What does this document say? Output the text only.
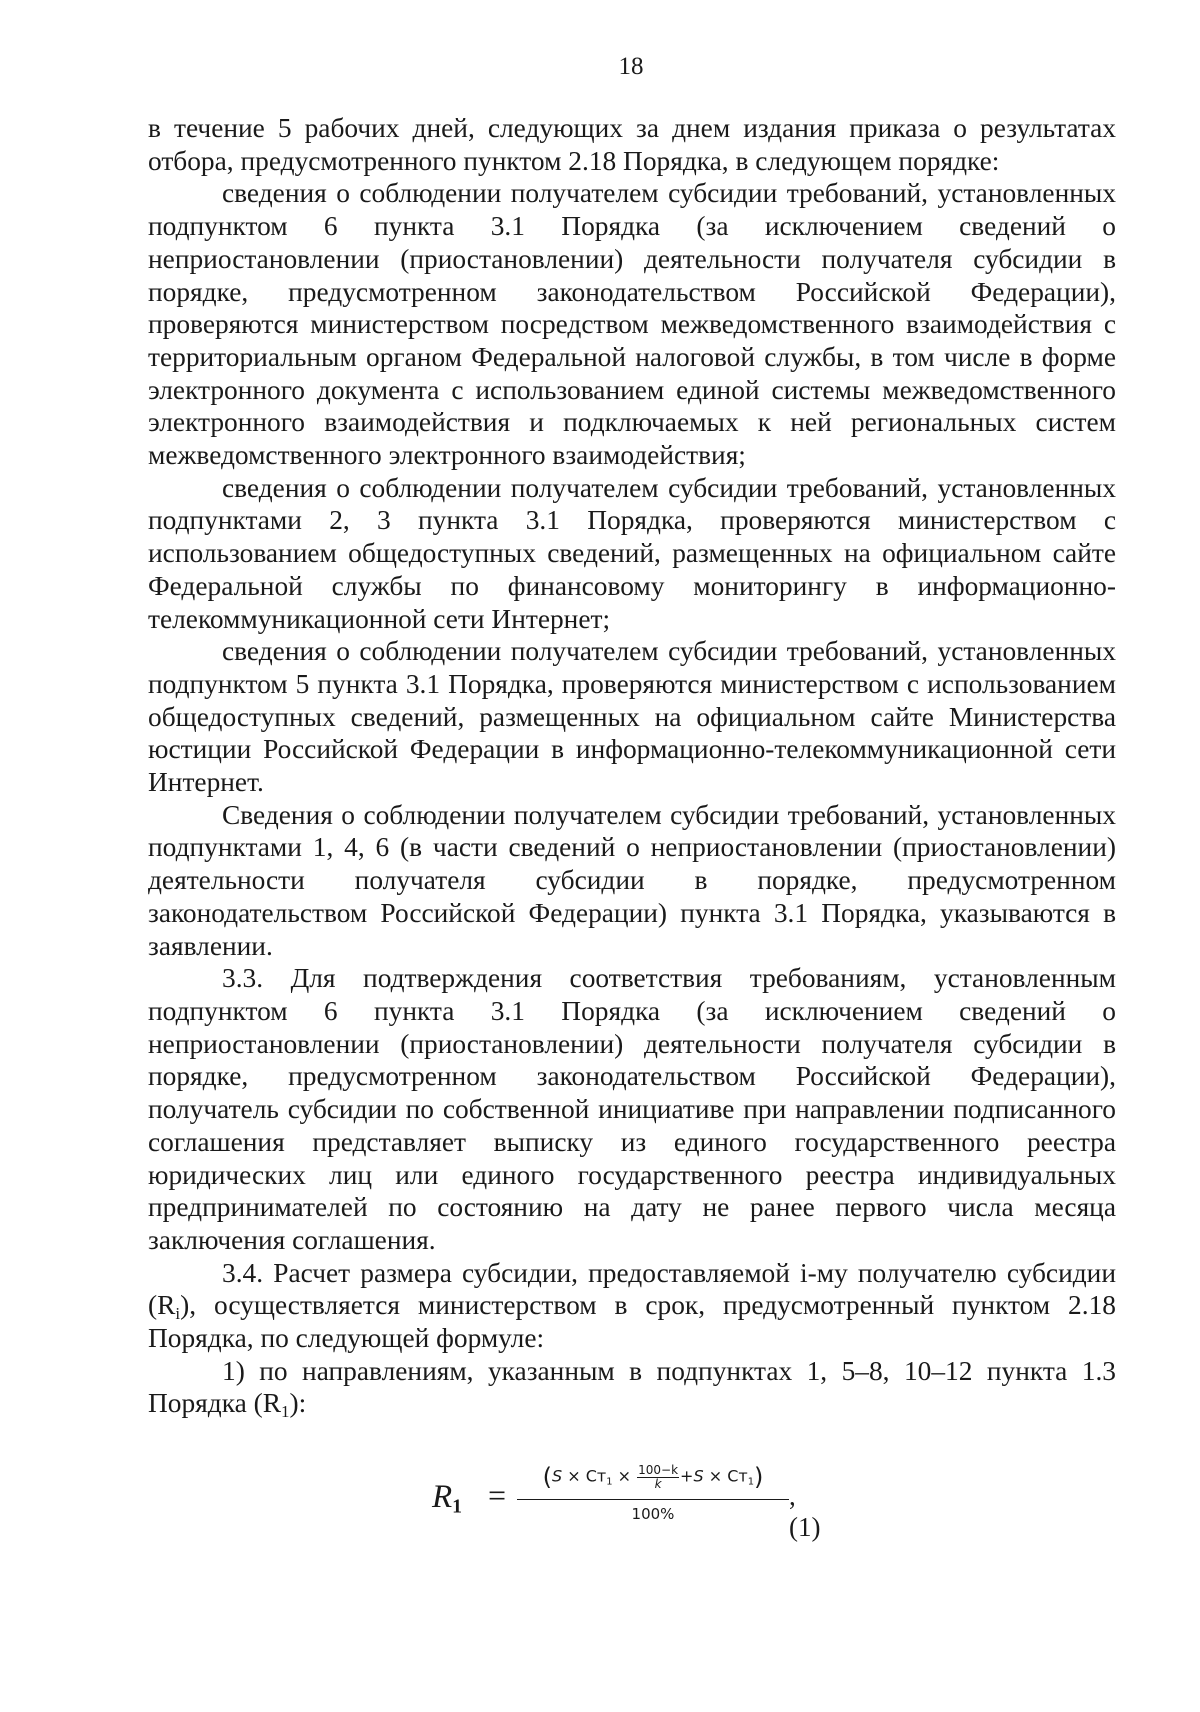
18

в течение 5 рабочих дней, следующих за днем издания приказа о результатах отбора, предусмотренного пунктом 2.18 Порядка, в следующем порядке:

сведения о соблюдении получателем субсидии требований, установленных подпунктом 6 пункта 3.1 Порядка (за исключением сведений о неприостановлении (приостановлении) деятельности получателя субсидии в порядке, предусмотренном законодательством Российской Федерации), проверяются министерством посредством межведомственного взаимодействия с территориальным органом Федеральной налоговой службы, в том числе в форме электронного документа с использованием единой системы межведомственного электронного взаимодействия и подключаемых к ней региональных систем межведомственного электронного взаимодействия;

сведения о соблюдении получателем субсидии требований, установленных подпунктами 2, 3 пункта 3.1 Порядка, проверяются министерством с использованием общедоступных сведений, размещенных на официальном сайте Федеральной службы по финансовому мониторингу в информационно-телекоммуникационной сети Интернет;

сведения о соблюдении получателем субсидии требований, установленных подпунктом 5 пункта 3.1 Порядка, проверяются министерством с использованием общедоступных сведений, размещенных на официальном сайте Министерства юстиции Российской Федерации в информационно-телекоммуникационной сети Интернет.

Сведения о соблюдении получателем субсидии требований, установленных подпунктами 1, 4, 6 (в части сведений о неприостановлении (приостановлении) деятельности получателя субсидии в порядке, предусмотренном законодательством Российской Федерации) пункта 3.1 Порядка, указываются в заявлении.

3.3. Для подтверждения соответствия требованиям, установленным подпунктом 6 пункта 3.1 Порядка (за исключением сведений о неприостановлении (приостановлении) деятельности получателя субсидии в порядке, предусмотренном законодательством Российской Федерации), получатель субсидии по собственной инициативе при направлении подписанного соглашения представляет выписку из единого государственного реестра юридических лиц или единого государственного реестра индивидуальных предпринимателей по состоянию на дату не ранее первого числа месяца заключения соглашения.

3.4. Расчет размера субсидии, предоставляемой i-му получателю субсидии $(R_i)$, осуществляется министерством в срок, предусмотренный пунктом 2.18 Порядка, по следующей формуле:

1) по направлениям, указанным в подпунктах 1, 5–8, 10–12 пункта 1.3 Порядка $(R_1)$:

$R_1$ =	$(S \times Ст_1 \times \frac{100-k}{k} +S \times Ст_1)$
100%
, (1)
